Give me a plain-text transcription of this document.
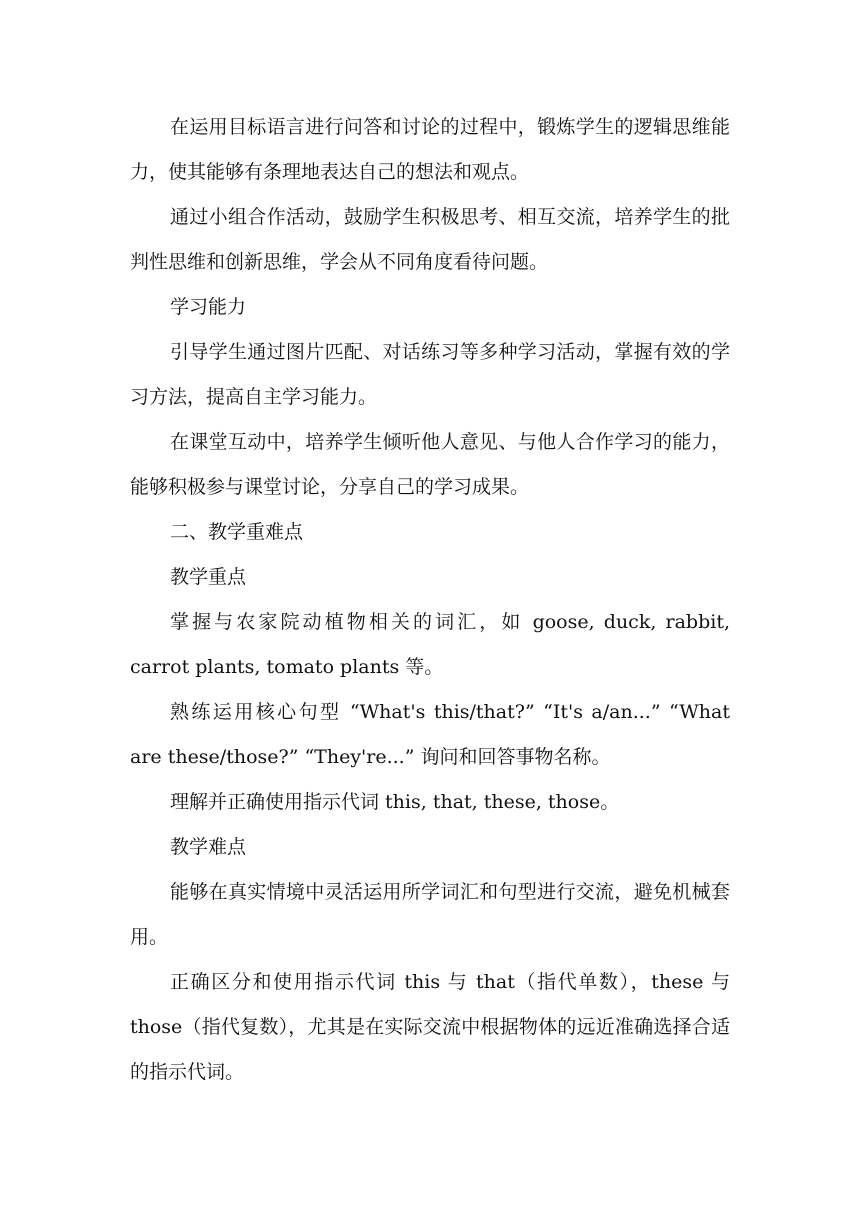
在运用目标语言进行问答和讨论的过程中，锻炼学生的逻辑思维能力，使其能够有条理地表达自己的想法和观点。

通过小组合作活动，鼓励学生积极思考、相互交流，培养学生的批判性思维和创新思维，学会从不同角度看待问题。

学习能力

引导学生通过图片匹配、对话练习等多种学习活动，掌握有效的学习方法，提高自主学习能力。

在课堂互动中，培养学生倾听他人意见、与他人合作学习的能力，能够积极参与课堂讨论，分享自己的学习成果。

二、教学重难点

教学重点

掌握与农家院动植物相关的词汇，如 goose, duck, rabbit, carrot plants, tomato plants 等。

熟练运用核心句型 “What's this/that?” “It's a/an...” “What are these/those?” “They're...” 询问和回答事物名称。

理解并正确使用指示代词 this, that, these, those。

教学难点

能够在真实情境中灵活运用所学词汇和句型进行交流，避免机械套用。

正确区分和使用指示代词 this 与 that（指代单数），these 与 those（指代复数），尤其是在实际交流中根据物体的远近准确选择合适的指示代词。
